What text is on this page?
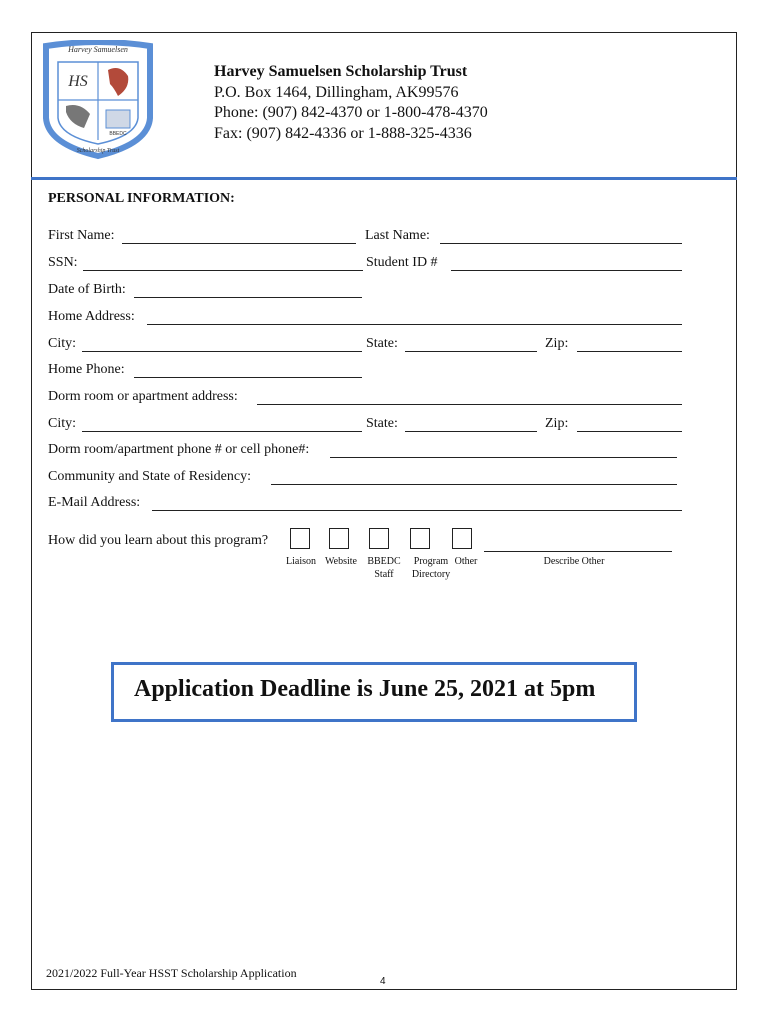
HS
BBEDC
Harvey Samuelsen
Scholarship Trust
Harvey Samuelsen Scholarship Trust
P.O. Box 1464, Dillingham, AK99576
Phone: (907) 842-4370 or 1-800-478-4370
Fax: (907) 842-4336 or 1-888-325-4336
PERSONAL INFORMATION:
First Name:	Last Name:
SSN:	Student ID #
Date of Birth:
Home Address:
City:	State:	Zip:
Home Phone:
Dorm room or apartment address:
City:	State:	Zip:
Dorm room/apartment phone # or cell phone#:
Community and State of Residency:
E-Mail Address:
How did you learn about this program?
Liaison Website	BBEDC
Staff
Program
Directory
Other	Describe Other
Application Deadline is June 25, 2021 at 5pm
2021/2022 Full-Year HSST Scholarship Application
4
